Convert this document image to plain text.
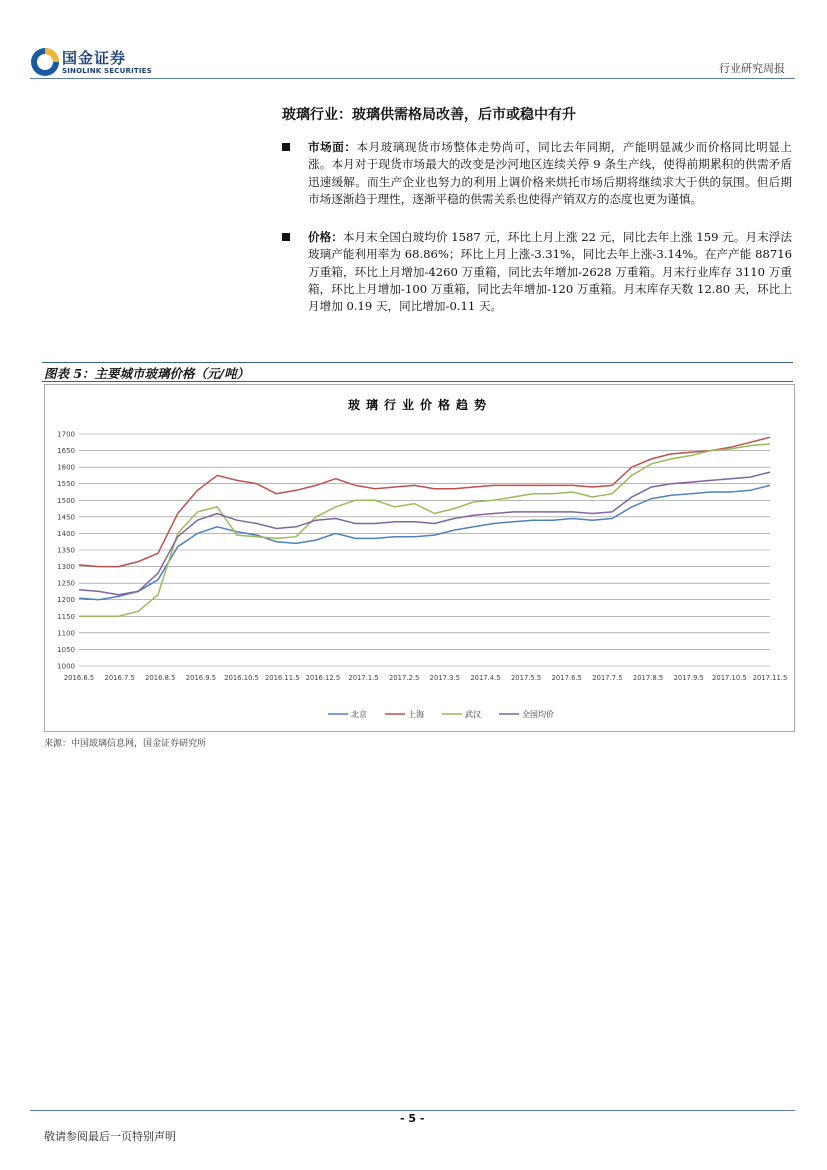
国金证券
SINOLINK SECURITIES	行业研究周报
玻璃行业：玻璃供需格局改善，后市或稳中有升
市场面：本月玻璃现货市场整体走势尚可，同比去年同期，产能明显减少而价格同比明显上涨。本月对于现货市场最大的改变是沙河地区连续关停 9 条生产线，使得前期累积的供需矛盾迅速缓解。而生产企业也努力的利用上调价格来烘托市场后期将继续求大于供的氛围。但后期市场逐渐趋于理性，逐渐平稳的供需关系也使得产销双方的态度也更为谨慎。
价格：本月末全国白玻均价 1587 元，环比上月上涨 22 元，同比去年上涨 159 元。月末浮法玻璃产能利用率为 68.86%；环比上月上涨-3.31%，同比去年上涨-3.14%。在产产能 88716 万重箱，环比上月增加-4260 万重箱，同比去年增加-2628 万重箱。月末行业库存 3110 万重箱，环比上月增加-100 万重箱，同比去年增加-120 万重箱。月末库存天数 12.80 天，环比上月增加 0.19 天，同比增加-0.11 天。
图表 5：主要城市玻璃价格（元/吨）
玻璃行业价格趋势
1000
1050
1100
1150
1200
1250
1300
1350
1400
1450
1500
1550
1600
1650
1700
2016.6.5 2016.7.5 2016.8.5 2016.9.5 2016.10.5 2016.11.5 2016.12.5 2017.1.5 2017.2.5 2017.3.5 2017.4.5 2017.5.5 2017.6.5 2017.7.5 2017.8.5 2017.9.5 2017.10.5 2017.11.5
北京	上海	武汉	全国均价
来源：中国玻璃信息网，国金证券研究所
- 5 -
敬请参阅最后一页特别声明
